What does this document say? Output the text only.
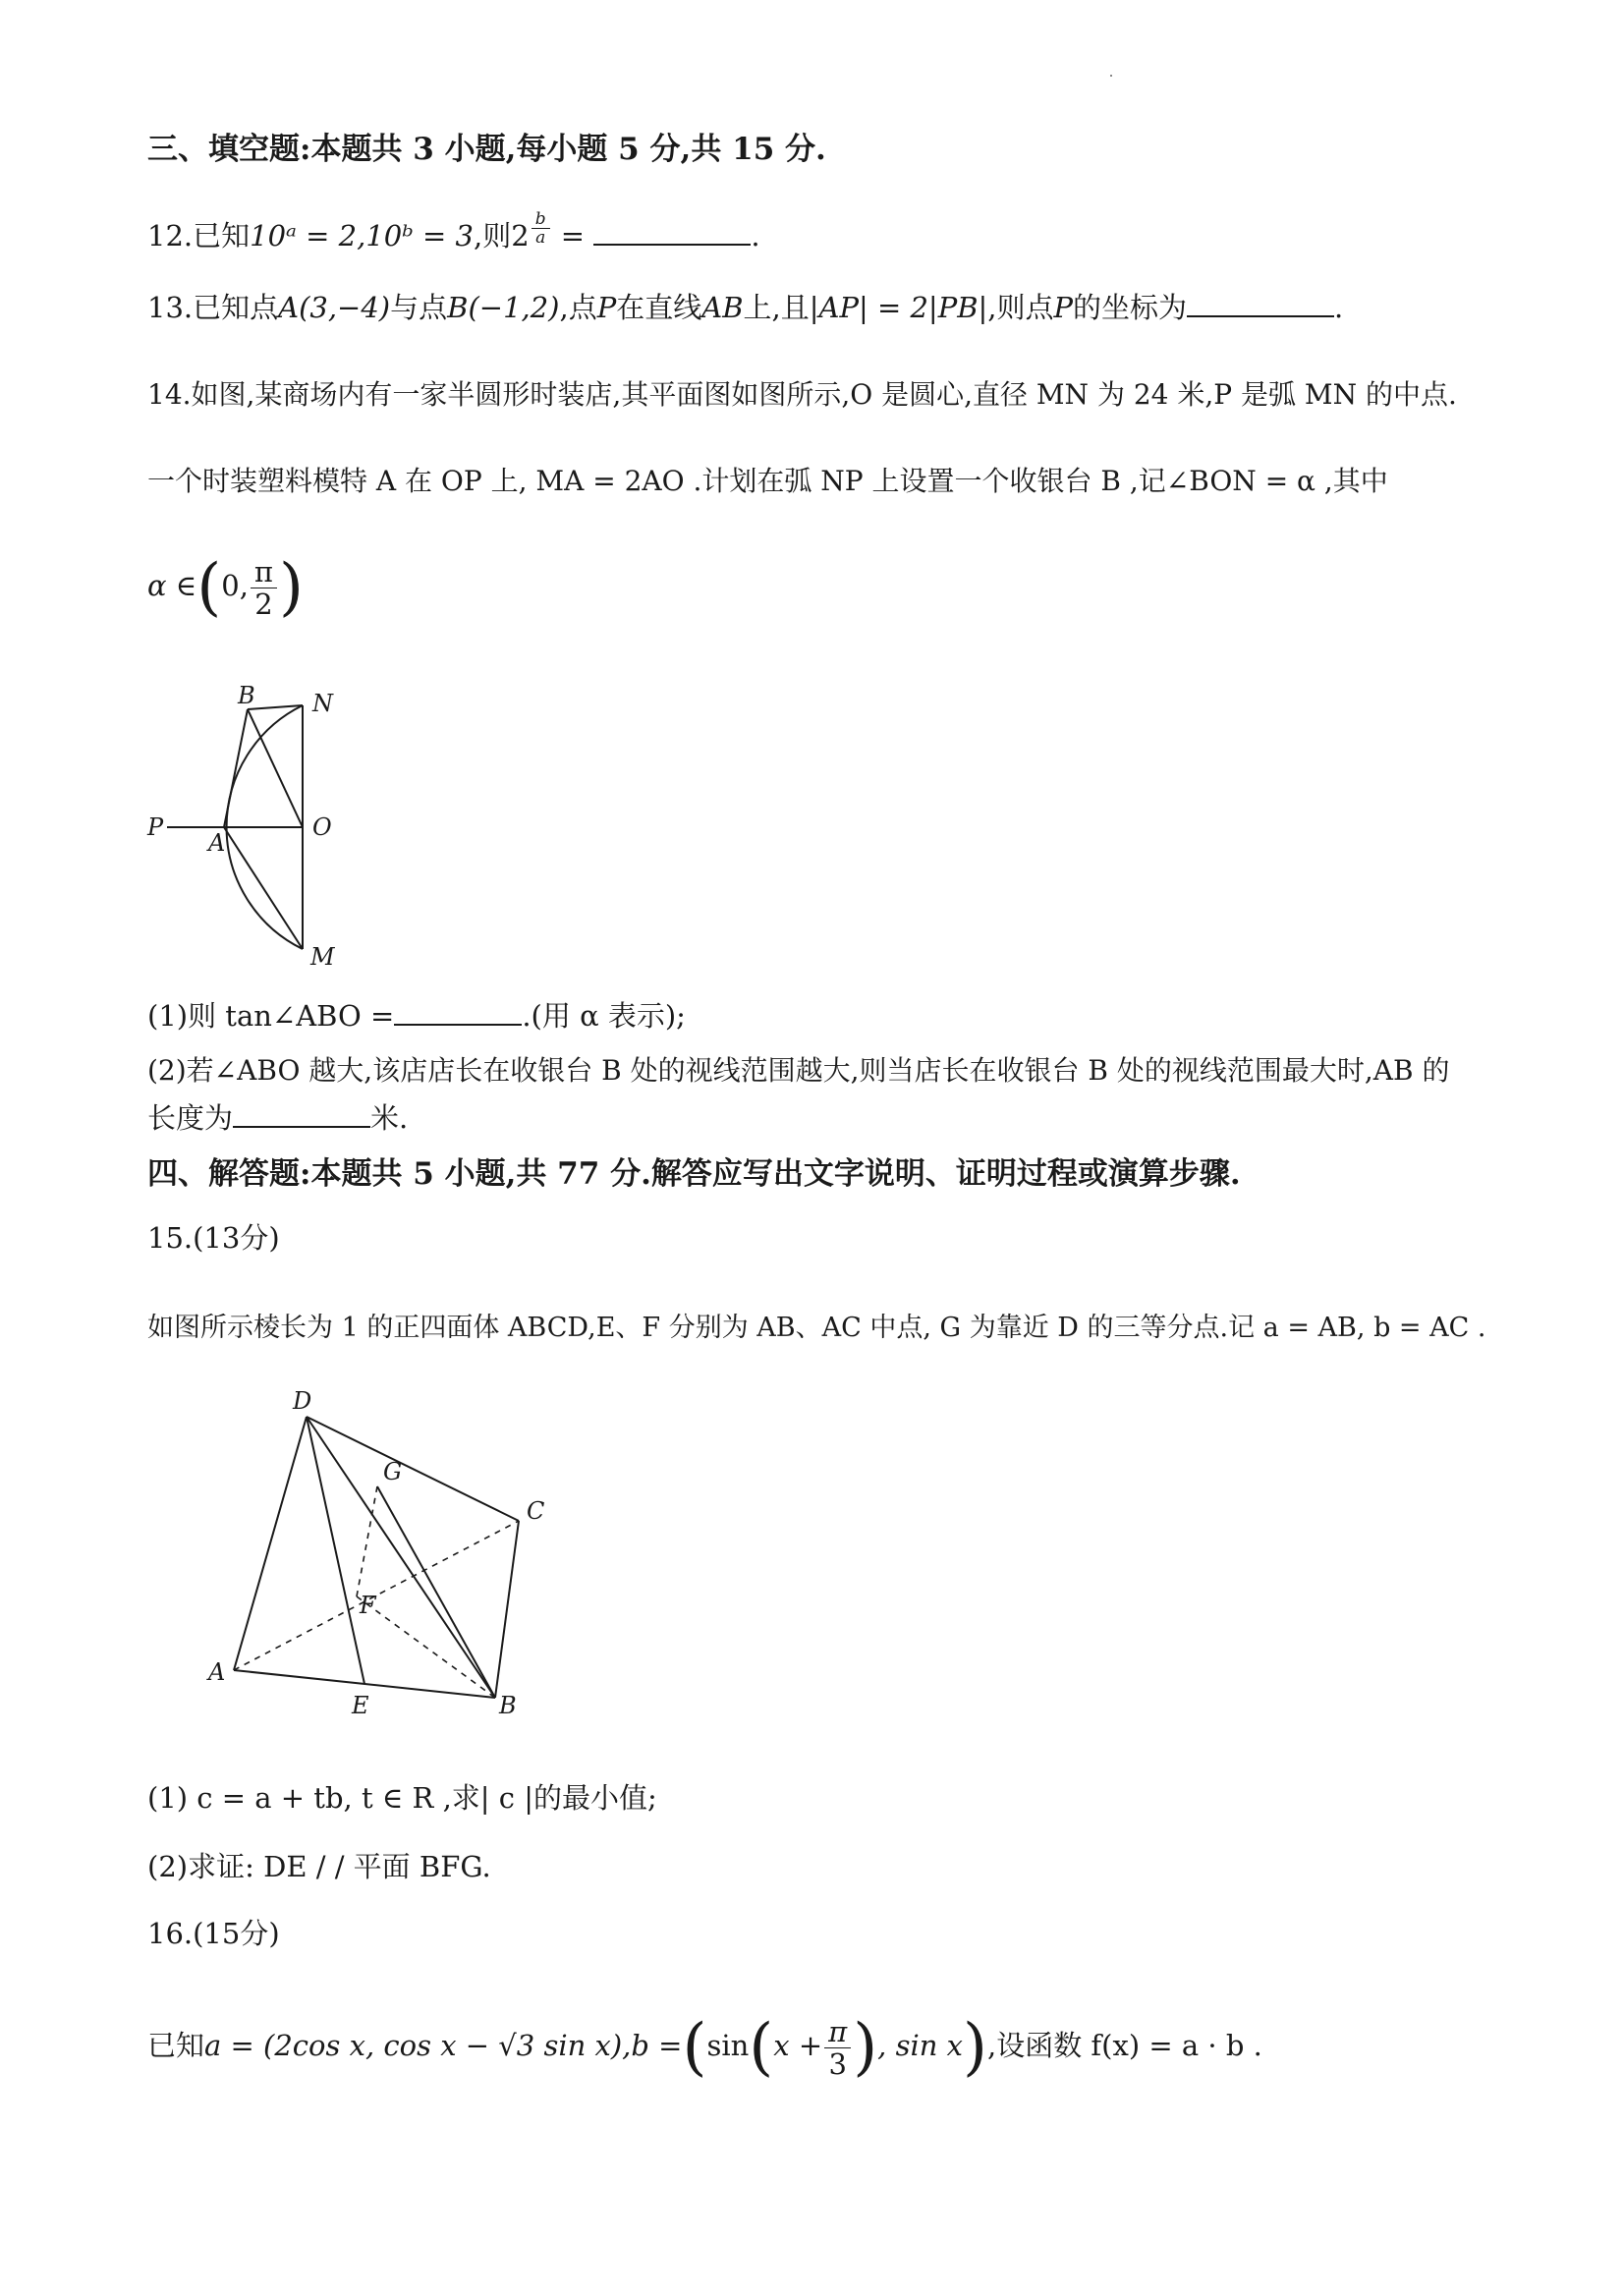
三、填空题:本题共 3 小题,每小题 5 分,共 15 分.
12.已知10ᵃ = 2,10ᵇ = 3,则$2 \frac{b}{a}$ =	.
13.已知点A(3,−4)与点B(−1,2),点P在直线AB上,且|AP| = 2|PB|,则点P的坐标为	.
14.如图,某商场内有一家半圆形时装店,其平面图如图所示,O 是圆心,直径 MN 为 24 米,P 是弧 MN 的中点.
一个时装塑料模特 A 在 OP 上, MA = 2AO .计划在弧 NP 上设置一个收银台 B ,记∠BON = α ,其中
α ∈(0, $\frac{\pi}{2}$ )
B N
P
A
O
M
(1)则 tan∠ABO =	.(用 α 表示);
(2)若∠ABO 越大,该店店长在收银台 B 处的视线范围越大,则当店长在收银台 B 处的视线范围最大时,AB 的
长度为	米.
四、解答题:本题共 5 小题,共 77 分.解答应写出文字说明、证明过程或演算步骤.
15.(13分)
如图所示棱长为 1 的正四面体 ABCD,E、F 分别为 AB、AC 中点, G 为靠近 D 的三等分点.记 a = AB, b = AC .
D
G
C
F
A
E	B
(1) c = a + tb, t ∈ R ,求| c |的最小值;
(2)求证: DE / / 平面 BFG.
16.(15分)
已知a = (2cos x, cos x − √3 $\sin x),b =(\sin(x + \frac{\pi}{3}$ ), sin x),设函数 f(x) = a · b .
